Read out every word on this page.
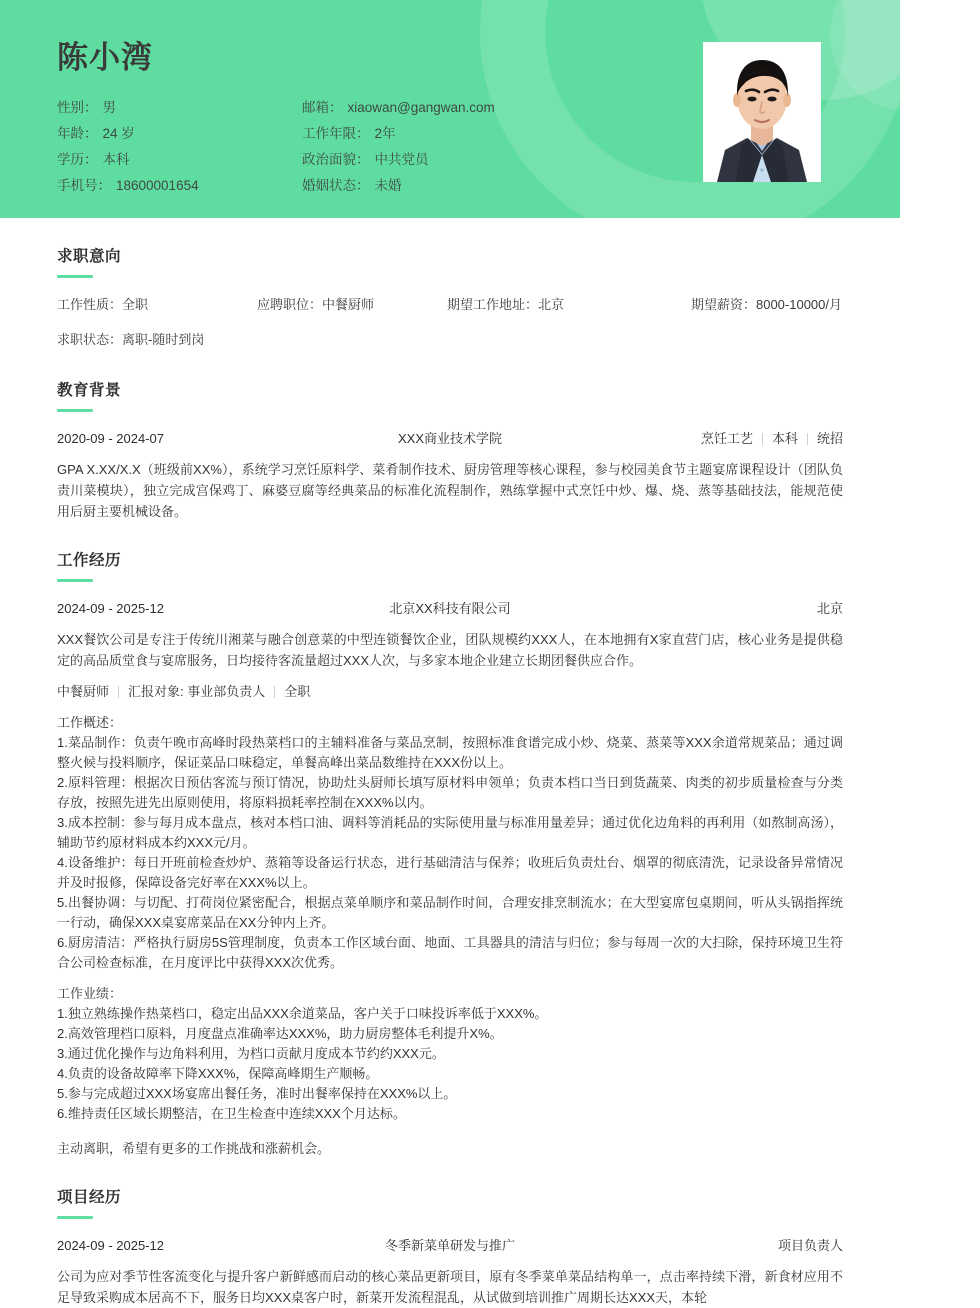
陈小湾
性别： 男	邮箱： xiaowan@gangwan.com
年龄： 24 岁	工作年限： 2年
学历： 本科	政治面貌： 中共党员
手机号： 18600001654	婚姻状态： 未婚
求职意向
工作性质：全职	应聘职位：中餐厨师	期望工作地址：北京	期望薪资：8000-10000/月
求职状态：离职-随时到岗
教育背景
2020-09 - 2024-07	XXX商业技术学院	烹饪工艺	本科	统招
GPA X.XX/X.X（班级前XX%），系统学习烹饪原料学、菜肴制作技术、厨房管理等核心课程，参与校园美食节主题宴席课程设计（团队负责川菜模块），独立完成宫保鸡丁、麻婆豆腐等经典菜品的标准化流程制作，熟练掌握中式烹饪中炒、爆、烧、蒸等基础技法，能规范使用后厨主要机械设备。
工作经历
2024-09 - 2025-12	北京XX科技有限公司	北京
XXX餐饮公司是专注于传统川湘菜与融合创意菜的中型连锁餐饮企业，团队规模约XXX人，在本地拥有X家直营门店，核心业务是提供稳定的高品质堂食与宴席服务，日均接待客流量超过XXX人次，与多家本地企业建立长期团餐供应合作。
中餐厨师	汇报对象: 事业部负责人	全职
工作概述：
1.菜品制作：负责午晚市高峰时段热菜档口的主辅料准备与菜品烹制，按照标准食谱完成小炒、烧菜、蒸菜等XXX余道常规菜品；通过调整火候与投料顺序，保证菜品口味稳定，单餐高峰出菜品数维持在XXX份以上。
2.原料管理：根据次日预估客流与预订情况，协助灶头厨师长填写原材料申领单；负责本档口当日到货蔬菜、肉类的初步质量检查与分类存放，按照先进先出原则使用，将原料损耗率控制在XXX%以内。
3.成本控制：参与每月成本盘点，核对本档口油、调料等消耗品的实际使用量与标准用量差异；通过优化边角料的再利用（如熬制高汤），辅助节约原材料成本约XXX元/月。
4.设备维护：每日开班前检查炒炉、蒸箱等设备运行状态，进行基础清洁与保养；收班后负责灶台、烟罩的彻底清洗，记录设备异常情况并及时报修，保障设备完好率在XXX%以上。
5.出餐协调：与切配、打荷岗位紧密配合，根据点菜单顺序和菜品制作时间，合理安排烹制流水；在大型宴席包桌期间，听从头锅指挥统一行动，确保XXX桌宴席菜品在XX分钟内上齐。
6.厨房清洁：严格执行厨房5S管理制度，负责本工作区域台面、地面、工具器具的清洁与归位；参与每周一次的大扫除，保持环境卫生符合公司检查标准，在月度评比中获得XXX次优秀。
工作业绩：
1.独立熟练操作热菜档口，稳定出品XXX余道菜品，客户关于口味投诉率低于XXX%。
2.高效管理档口原料，月度盘点准确率达XXX%，助力厨房整体毛利提升X%。
3.通过优化操作与边角料利用，为档口贡献月度成本节约约XXX元。
4.负责的设备故障率下降XXX%，保障高峰期生产顺畅。
5.参与完成超过XXX场宴席出餐任务，准时出餐率保持在XXX%以上。
6.维持责任区域长期整洁，在卫生检查中连续XXX个月达标。
主动离职，希望有更多的工作挑战和涨薪机会。
项目经历
2024-09 - 2025-12	冬季新菜单研发与推广	项目负责人
公司为应对季节性客流变化与提升客户新鲜感而启动的核心菜品更新项目，原有冬季菜单菜品结构单一，点击率持续下滑，新食材应用不足导致采购成本居高不下，服务日均XXX桌客户时，新菜开发流程混乱，从试做到培训推广周期长达XXX天，本轮
